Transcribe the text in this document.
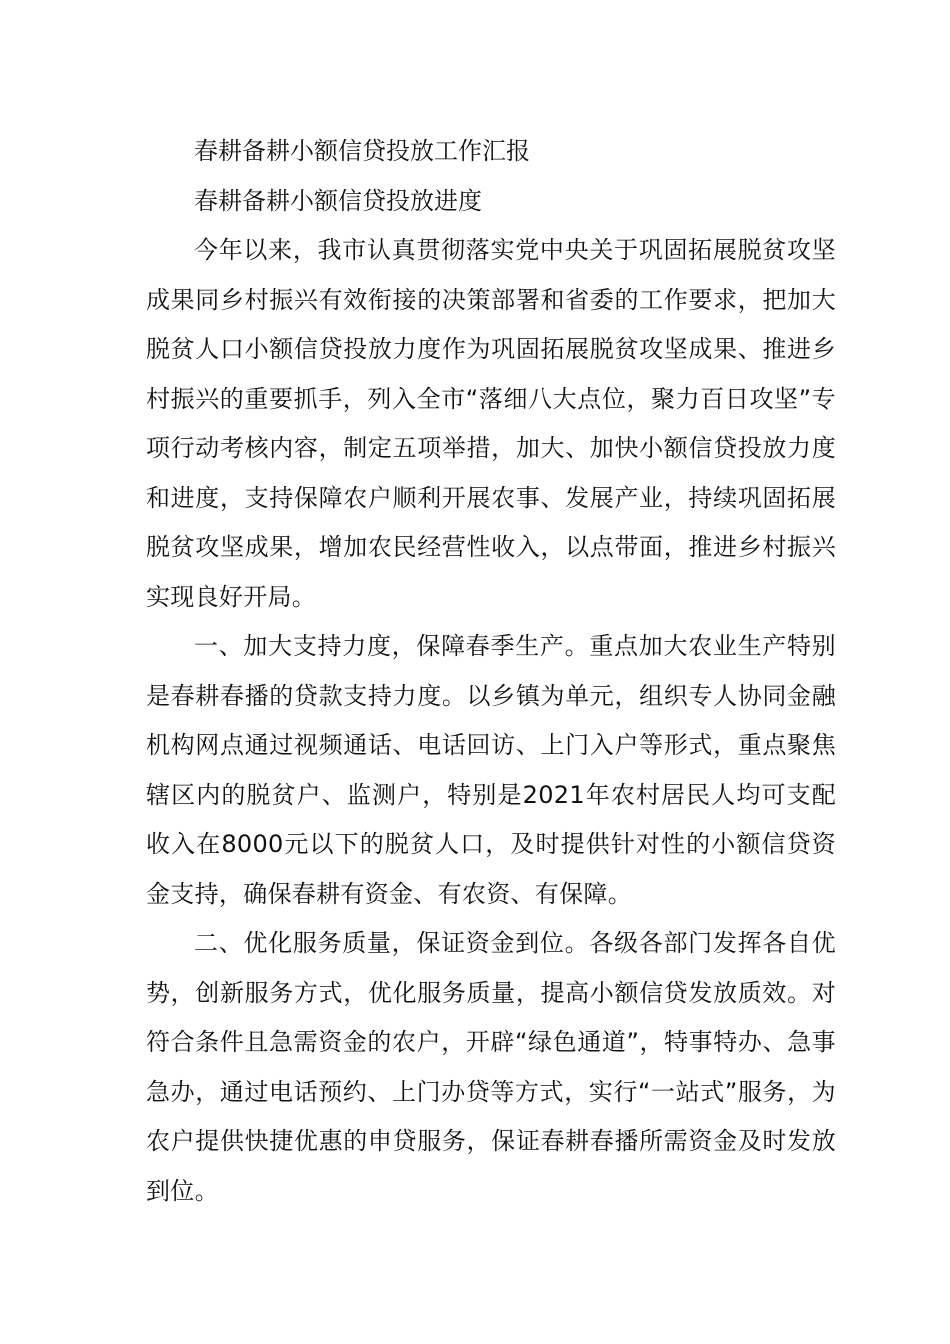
春耕备耕小额信贷投放工作汇报

春耕备耕小额信贷投放进度

今年以来，我市认真贯彻落实党中央关于巩固拓展脱贫攻坚成果同乡村振兴有效衔接的决策部署和省委的工作要求，把加大脱贫人口小额信贷投放力度作为巩固拓展脱贫攻坚成果、推进乡村振兴的重要抓手，列入全市“落细八大点位，聚力百日攻坚”专项行动考核内容，制定五项举措，加大、加快小额信贷投放力度和进度，支持保障农户顺利开展农事、发展产业，持续巩固拓展脱贫攻坚成果，增加农民经营性收入，以点带面，推进乡村振兴实现良好开局。

一、加大支持力度，保障春季生产。重点加大农业生产特别是春耕春播的贷款支持力度。以乡镇为单元，组织专人协同金融机构网点通过视频通话、电话回访、上门入户等形式，重点聚焦辖区内的脱贫户、监测户，特别是2021年农村居民人均可支配收入在8000元以下的脱贫人口，及时提供针对性的小额信贷资金支持，确保春耕有资金、有农资、有保障。

二、优化服务质量，保证资金到位。各级各部门发挥各自优势，创新服务方式，优化服务质量，提高小额信贷发放质效。对符合条件且急需资金的农户，开辟“绿色通道”，特事特办、急事急办，通过电话预约、上门办贷等方式，实行“一站式”服务，为农户提供快捷优惠的申贷服务，保证春耕春播所需资金及时发放到位。
